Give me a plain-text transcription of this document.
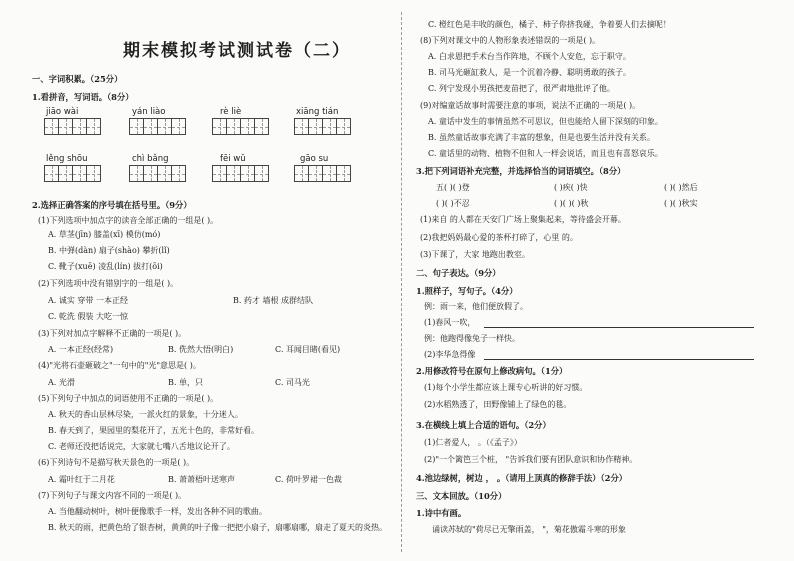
期末模拟考试测试卷（二）
一、字词积累。（25分）
1.看拼音，写词语。（8分）
jiāo wài	yán liào	rè liè	xiāng tián
lěng shōu	chì bǎng	fēi wǔ	gāo su
2.选择正确答案的序号填在括号里。（9分）
(1)下列选项中加点字的读音全部正确的一组是( )。
A. 草茎(jīn) 膝盖(xī) 模仿(mó)
B. 中弹(dàn) 扇子(shào) 攀折(lǐ)
C. 靴子(xuē) 凌乱(lín) 拔打(ōi)
(2)下列选项中没有错别字的一组是( )。
A. 诚实 穿带 一本正经	B. 药才 墙根 成群结队
C. 乾洗 假装 大吃一惊
(3)下列对加点字解释不正确的一项是( )。
A. 一本正经(经常)	B. 侁然大悟(明白)	C. 耳闻目睹(看见)
(4)"光将石壶砸破之"一句中的"光"意思是( )。
A. 光滑	B. 单，只	C. 司马光
(5)下列句子中加点的词语使用不正确的一项是( )。
A. 秋天的香山层林尽染，一派火红的景象，十分迷人。
B. 春天到了，果园里的梨花开了，五光十色的，非常好看。
C. 老师还没把话说完，大家就七嘴八舌地议论开了。
(6)下列诗句不是描写秋天景色的一项是( )。
A. 霜叶红于二月花	B. 萧萧梧叶送寒声	C. 荷叶罗裙一色裁
(7)下列句子与课文内容不同的一项是( )。
A. 当他翻动树叶，树叶便像歌手一样，发出各种不同的歌曲。
B. 秋天的雨，把黄色给了银杏树，黄黄的叶子像一把把小扇子，扇哪扇哪，扇走了夏天的炎热。
C. 橙红色是丰收的颜色，橘子、柿子你挤我碰，争着要人们去摘呢！
(8)下列对课文中的人物形象表述错误的一项是( )。
A. 白求恩把手术台当作阵地，不顾个人安危，忘于职守。
B. 司马光砸缸救人，是一个沉着冷静、聪明勇敢的孩子。
C. 列宁发现小男孩把麦苗把了，很严肃地批评了他。
(9)对编童话故事时需要注意的事项，说法不正确的一项是( )。
A. 童话中发生的事情虽然不可思议，但也能给人留下深刻的印象。
B. 虽然童话故事充满了丰富的想象，但是也要生活并没有关系。
C. 童话里的动物、植物不但和人一样会说话，而且也有喜怒哀乐。
3.把下列词语补充完整，并选择恰当的词语填空。（8分）
五( )( )登	( )疾( )快	( )( )然后
( )( )不忍	( )( )( )秋	( )( )秋实
(1)来自 的人都在天安门广场上聚集起来，等待盛会开幕。
(2)我把妈妈最心爱的茶杯打碎了，心里 的。
(3)下课了，大家 地跑出教室。
二、句子表达。（9分）
1.照样子，写句子。（4分）
例：雨一来，他们便放假了。
(1)春风一吹，
例：他跑得像兔子一样快。
(2)李华急得像
2.用修改符号在原句上修改病句。（1分）
(1)每个小学生都应该上课专心听讲的好习惯。
(2)水稻熟透了，田野像铺上了绿色的毯。
3.在横线上填上合适的语句。（2分）
(1)仁者爱人， 。（《孟子》）
(2)"一个篱笆三个桩， "告诉我们要有团队意识和协作精神。
4.池边绿树，树边 ， 。（请用上顶真的修辞手法）（2分）
三、文本回放。（10分）
1.诗中有画。
诵读苏轼的"荷尽已无擎雨盖， "，菊花傲霜斗寒的形象
